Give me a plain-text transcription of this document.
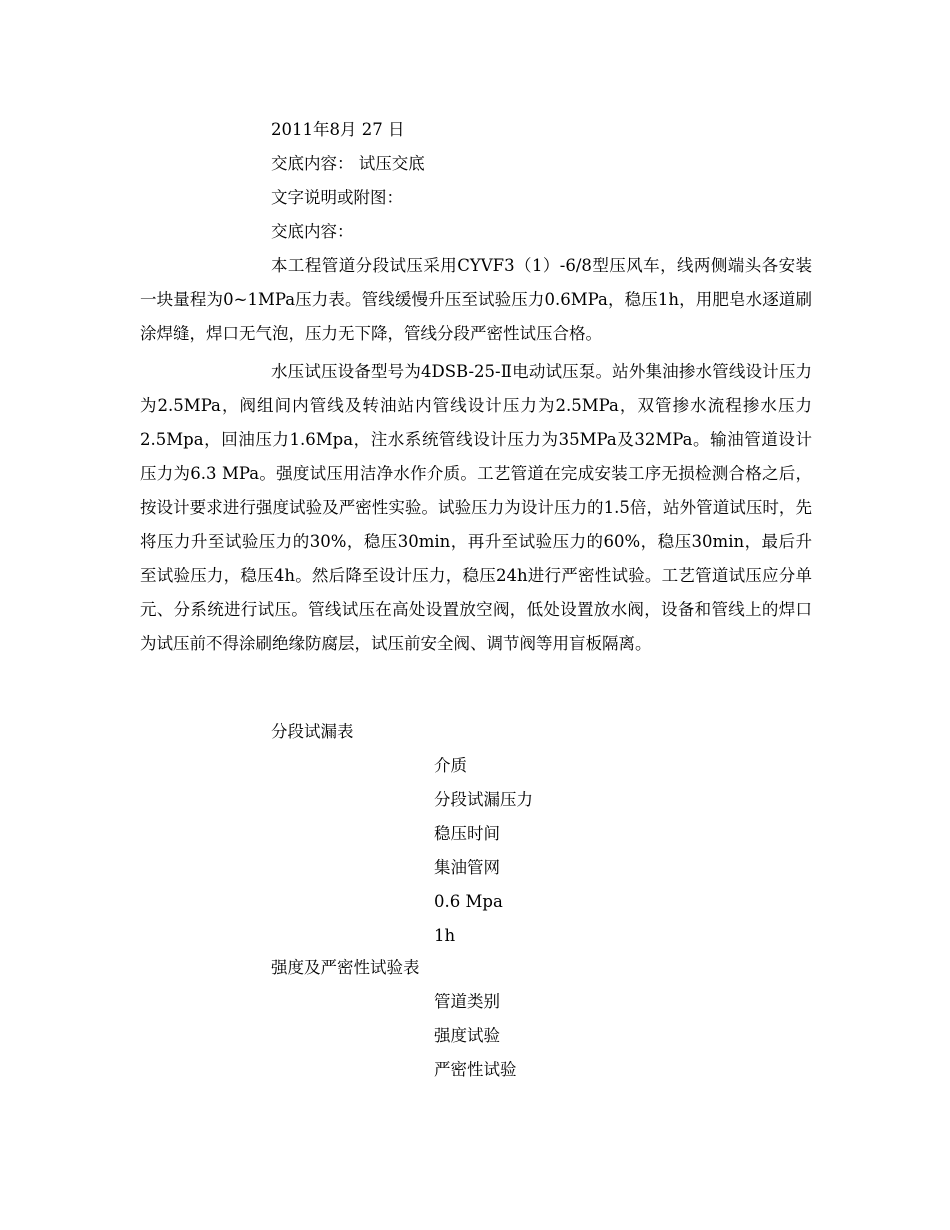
2011年8月 27 日
交底内容： 试压交底
文字说明或附图：
交底内容：

本工程管道分段试压采用CYVF3（1）-6/8型压风车，线两侧端头各安装一块量程为0~1MPa压力表。管线缓慢升压至试验压力0.6MPa，稳压1h，用肥皂水逐道刷涂焊缝，焊口无气泡，压力无下降，管线分段严密性试压合格。

水压试压设备型号为4DSB-25-Ⅱ电动试压泵。站外集油掺水管线设计压力为2.5MPa，阀组间内管线及转油站内管线设计压力为2.5MPa，双管掺水流程掺水压力2.5Mpa，回油压力1.6Mpa，注水系统管线设计压力为35MPa及32MPa。输油管道设计压力为6.3 MPa。强度试压用洁净水作介质。工艺管道在完成安装工序无损检测合格之后，按设计要求进行强度试验及严密性实验。试验压力为设计压力的1.5倍，站外管道试压时，先将压力升至试验压力的30%，稳压30min，再升至试验压力的60%，稳压30min，最后升至试验压力，稳压4h。然后降至设计压力，稳压24h进行严密性试验。工艺管道试压应分单元、分系统进行试压。管线试压在高处设置放空阀，低处设置放水阀，设备和管线上的焊口为试压前不得涂刷绝缘防腐层，试压前安全阀、调节阀等用盲板隔离。

分段试漏表
介质
分段试漏压力
稳压时间
集油管网
0.6 Mpa
1h
强度及严密性试验表
管道类别
强度试验
严密性试验
